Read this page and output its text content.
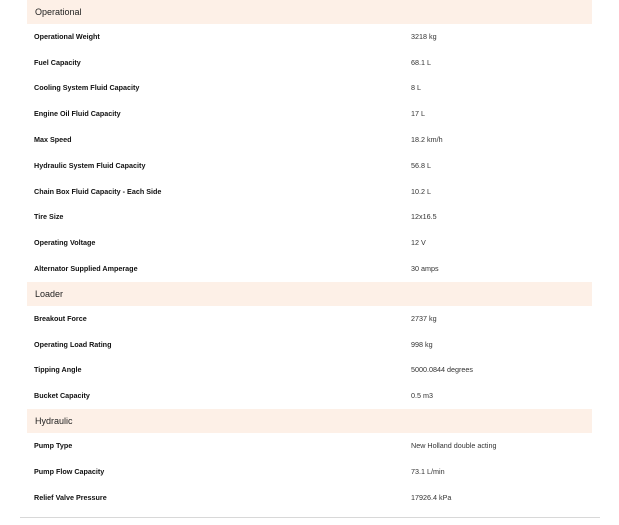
Operational
Operational Weight	3218 kg
Fuel Capacity	68.1 L
Cooling System Fluid Capacity	8 L
Engine Oil Fluid Capacity	17 L
Max Speed	18.2 km/h
Hydraulic System Fluid Capacity	56.8 L
Chain Box Fluid Capacity - Each Side	10.2 L
Tire Size	12x16.5
Operating Voltage	12 V
Alternator Supplied Amperage	30 amps
Loader
Breakout Force	2737 kg
Operating Load Rating	998 kg
Tipping Angle	5000.0844 degrees
Bucket Capacity	0.5 m3
Hydraulic
Pump Type	New Holland double acting
Pump Flow Capacity	73.1 L/min
Relief Valve Pressure	17926.4 kPa
